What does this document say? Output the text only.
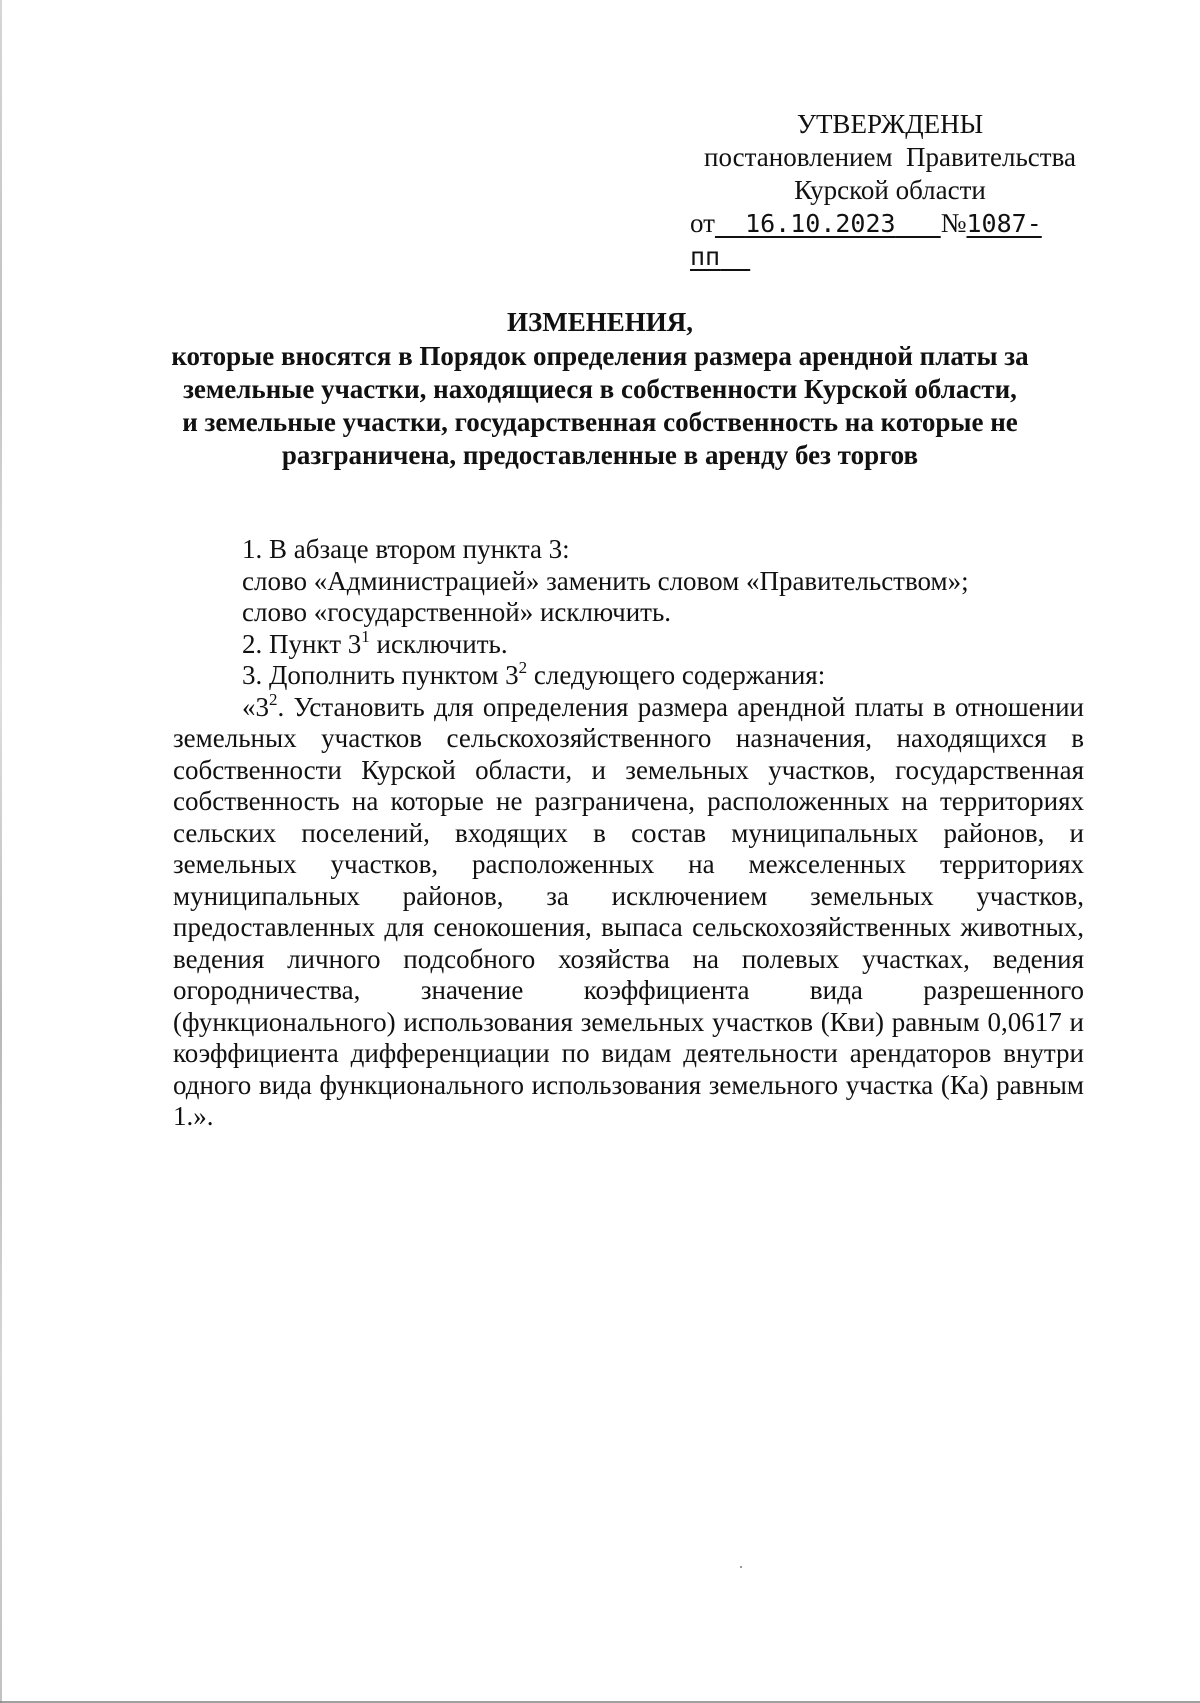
УТВЕРЖДЕНЫ
постановлением  Правительства
Курской области
от 16.10.2023 №1087-пп
ИЗМЕНЕНИЯ,
которые вносятся в Порядок определения размера арендной платы за
земельные участки, находящиеся в собственности Курской области,
и земельные участки, государственная собственность на которые не
разграничена, предоставленные в аренду без торгов

1. В абзаце втором пункта 3:

слово «Администрацией» заменить словом «Правительством»;

слово «государственной» исключить.

2. Пункт $3^1$ исключить.

3. Дополнить пунктом $3^2$ следующего содержания:

«$3^2$. Установить для определения размера арендной платы в отношении земельных участков сельскохозяйственного назначения, находящихся в собственности Курской области, и земельных участков, государственная собственность на которые не разграничена, расположенных на территориях сельских поселений, входящих в состав муниципальных районов, и земельных участков, расположенных на межселенных территориях муниципальных районов, за исключением земельных участков, предоставленных для сенокошения, выпаса сельскохозяйственных животных, ведения личного подсобного хозяйства на полевых участках, ведения огородничества, значение коэффициента вида разрешенного (функционального) использования земельных участков (Кви) равным 0,0617 и коэффициента дифференциации по видам деятельности арендаторов внутри одного вида функционального использования земельного участка (Ка) равным 1.».
